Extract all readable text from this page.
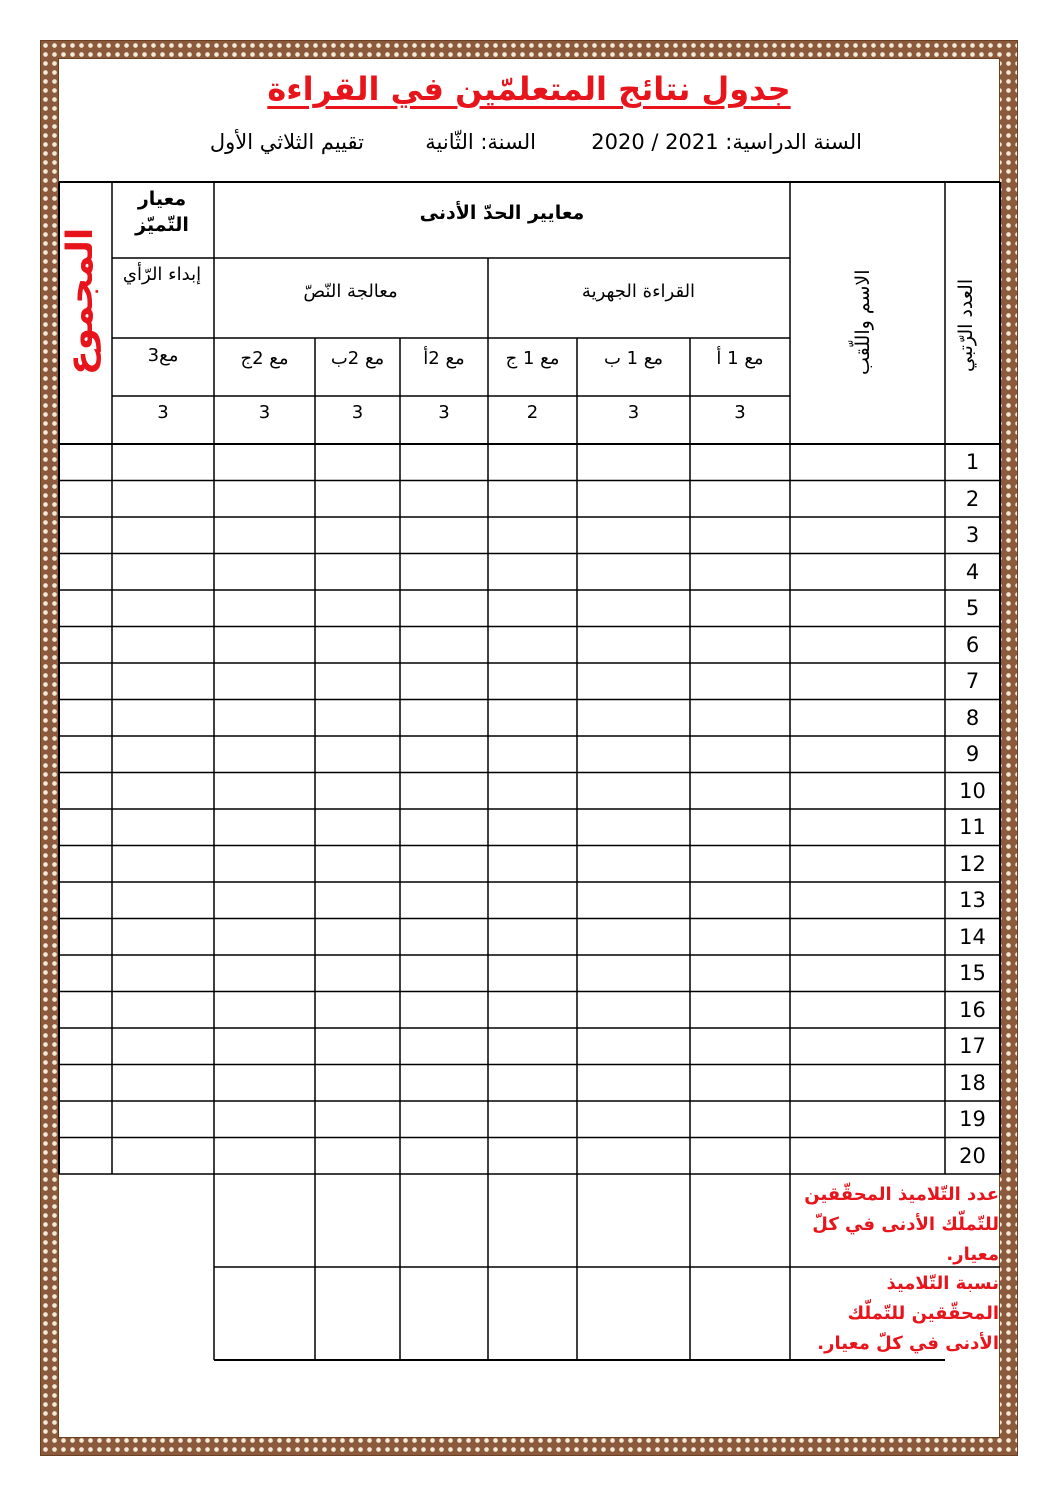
جدول نتائج المتعلمّين في القراءة
السنة الدراسية: 2020 / 2021
السنة: الثّانية
تقييم الثلاثي الأول
العدد الرّتبي
الاسم واللّقب
معايير الحدّ الأدنى
معيار التّميّز
القراءة الجهرية
معالجة النّصّ
إبداء الرّأي
المجموع	مع 1 أ
3
مع 1 ب
3
مع 1 ج
2
مع 2أ
3
مع 2ب
3
مع 2ج
3
مع3
3
1
2
3
4
5
6
7
8
9
10
11
12
13
14
15
16
17
18
19
20
عدد التّلاميذ المحقّقين للتّملّك الأدنى في كلّ معيار.
نسبة التّلاميذ المحقّقين للتّملّك الأدنى في كلّ معيار.
